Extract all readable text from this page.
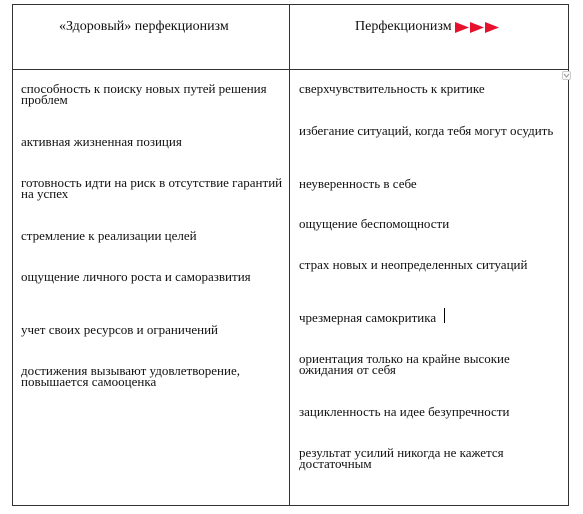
«Здоровый» перфекционизм	Перфекционизм
способность к поиску новых путей решения проблем
активная жизненная позиция
готовность идти на риск в отсутствие гарантий на успех
стремление к реализации целей
ощущение личного роста и саморазвития
учет своих ресурсов и ограничений
достижения вызывают удовлетворение, повышается самооценка
сверхчувствительность к критике
избегание ситуаций, когда тебя могут осудить
неуверенность в себе
ощущение беспомощности
страх новых и неопределенных ситуаций
чрезмерная самокритика
ориентация только на крайне высокие ожидания от себя
зацикленность на идее безупречности
результат усилий никогда не кажется достаточным
